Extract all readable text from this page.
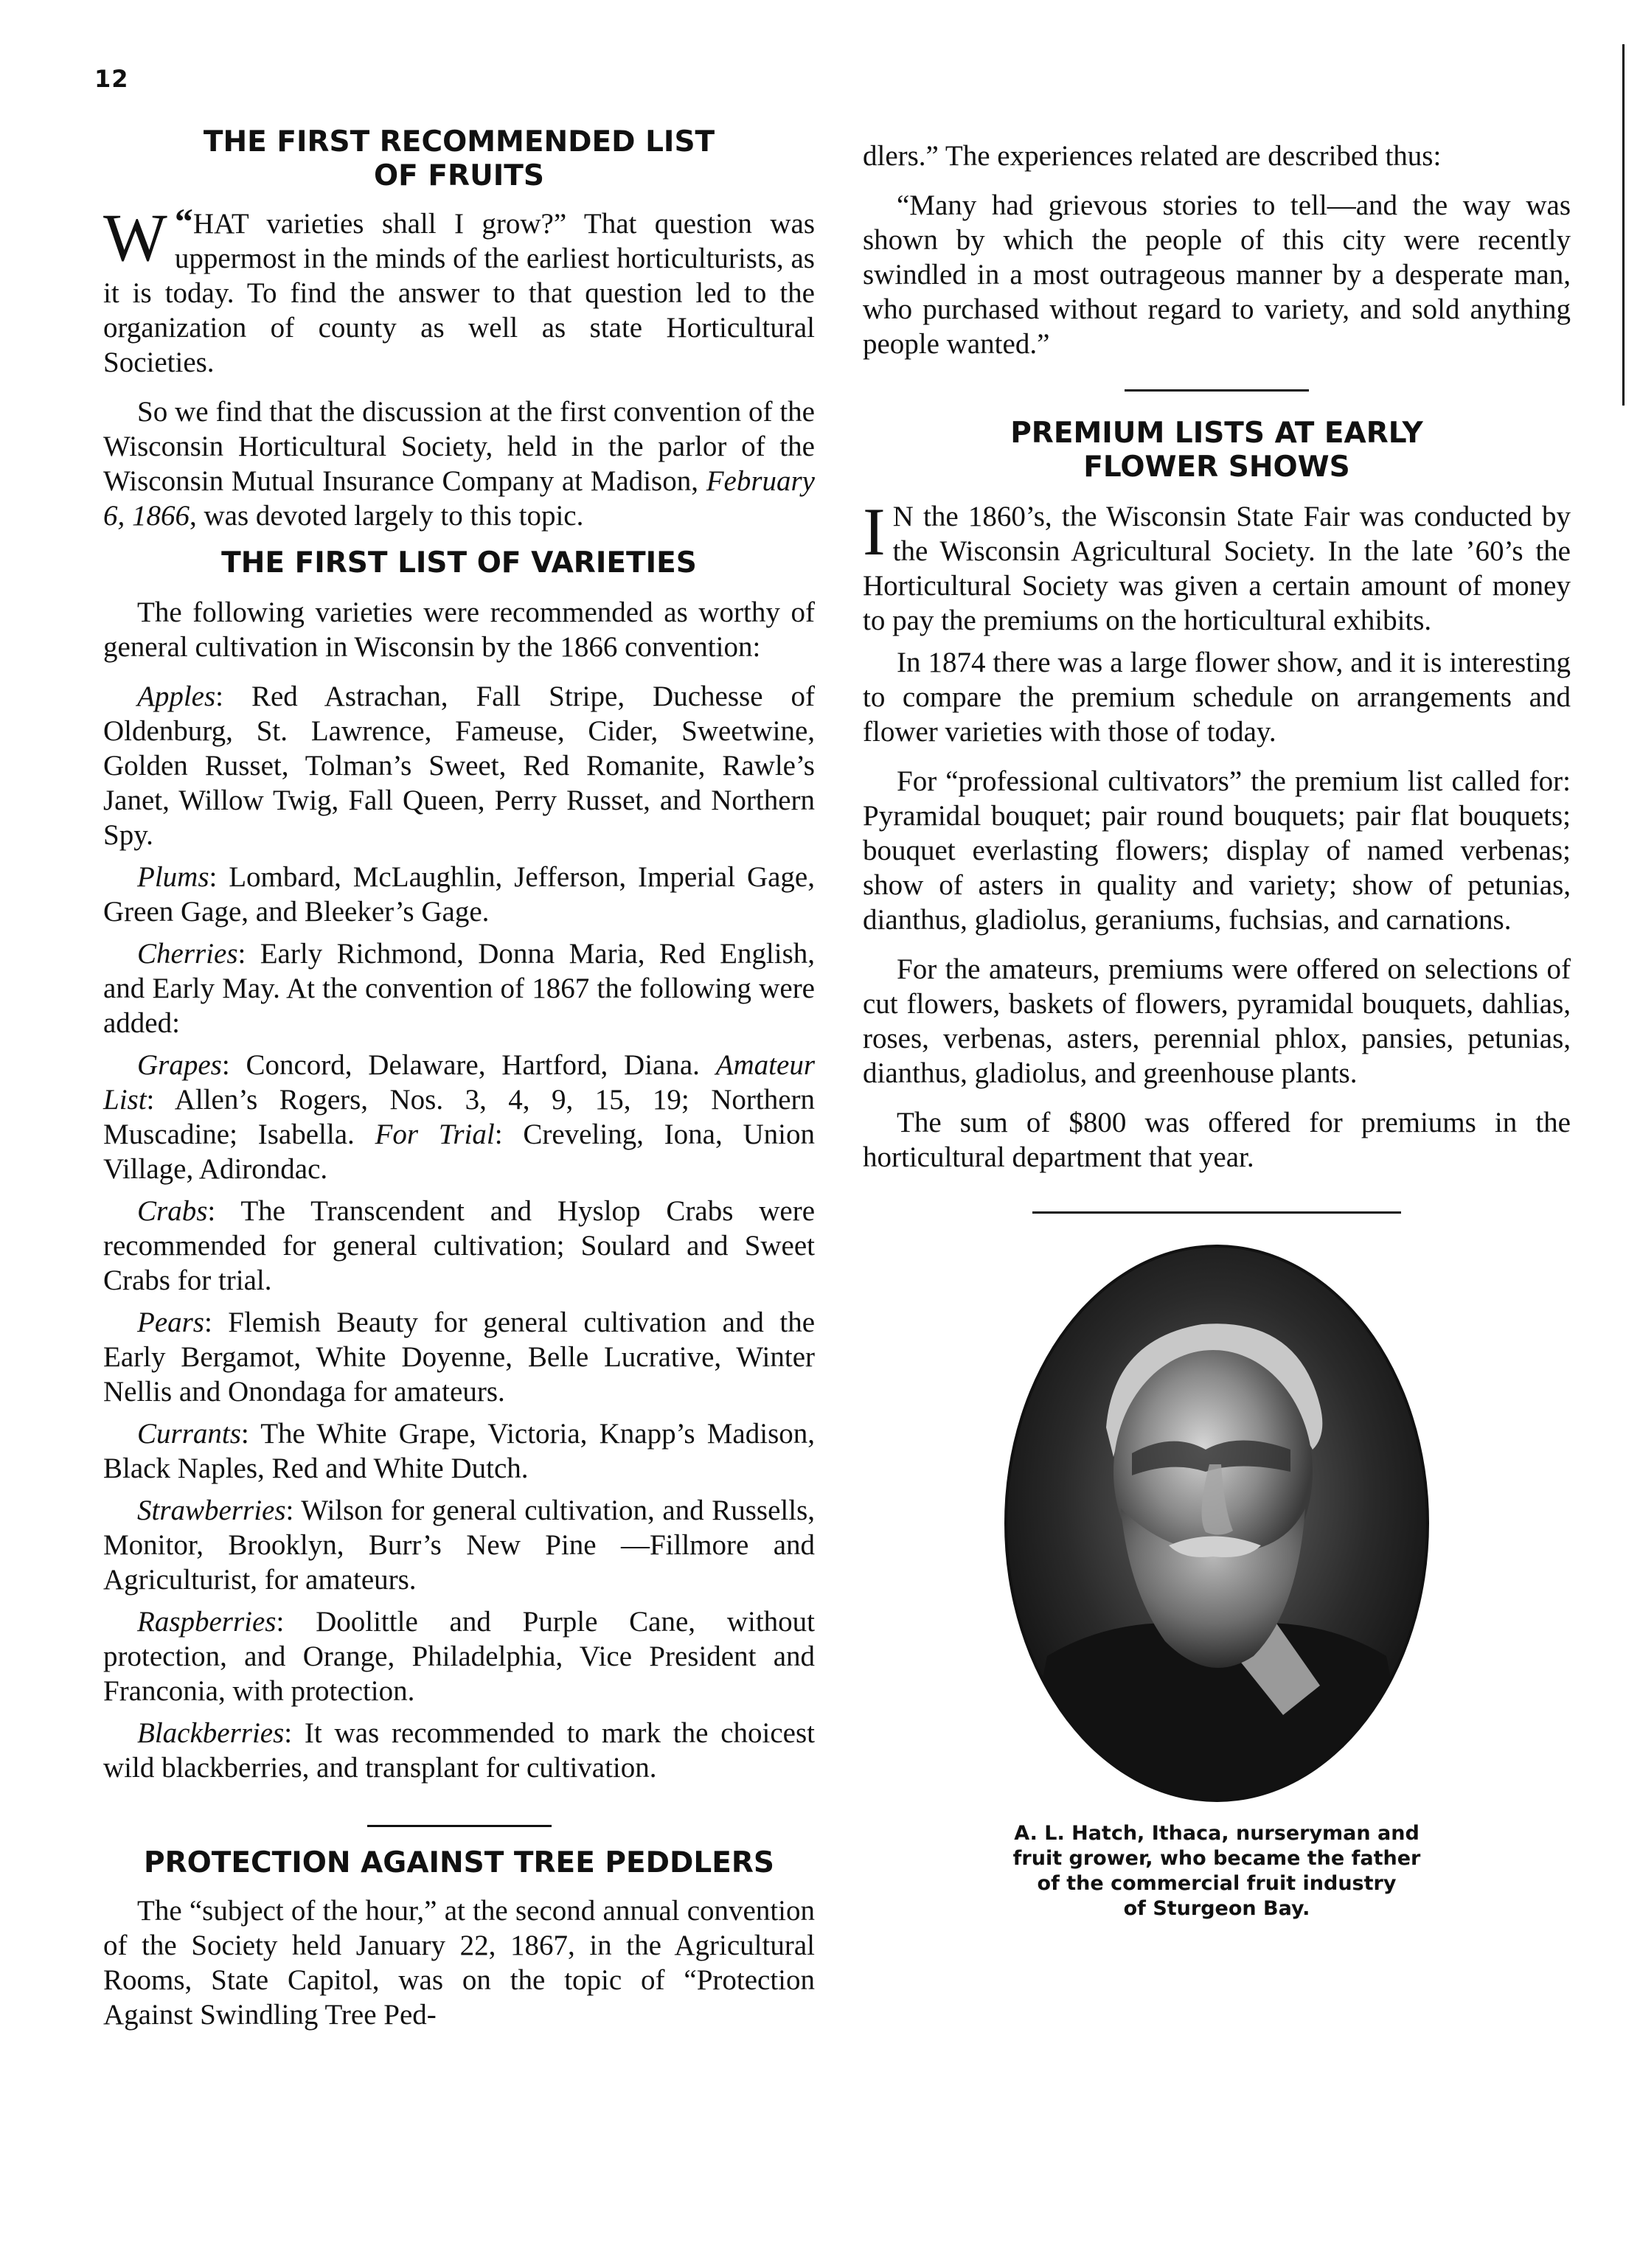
12
THE FIRST RECOMMENDED LIST
OF FRUITS

“
W HAT varieties shall I grow?” That question was uppermost in the minds of the earliest horticulturists, as it is today. To find the answer to that question led to the organization of county as well as state Horticultural Societies.

So we find that the discussion at the first convention of the Wisconsin Horticultural Society, held in the parlor of the Wisconsin Mutual Insurance Company at Madison, February 6, 1866, was devoted largely to this topic.

THE FIRST LIST OF VARIETIES

The following varieties were recommended as worthy of general cultivation in Wisconsin by the 1866 convention:

Apples: Red Astrachan, Fall Stripe, Duchesse of Oldenburg, St. Lawrence, Fameuse, Cider, Sweetwine, Golden Russet, Tolman’s Sweet, Red Romanite, Rawle’s Janet, Willow Twig, Fall Queen, Perry Russet, and Northern Spy.

Plums: Lombard, McLaughlin, Jefferson, Imperial Gage, Green Gage, and Bleeker’s Gage.

Cherries: Early Richmond, Donna Maria, Red English, and Early May. At the convention of 1867 the following were added:

Grapes: Concord, Delaware, Hartford, Diana. Amateur List: Allen’s Rogers, Nos. 3, 4, 9, 15, 19; Northern Muscadine; Isabella. For Trial: Creveling, Iona, Union Village, Adirondac.

Crabs: The Transcendent and Hyslop Crabs were recommended for general cultivation; Soulard and Sweet Crabs for trial.

Pears: Flemish Beauty for general cultivation and the Early Bergamot, White Doyenne, Belle Lucrative, Winter Nellis and Onondaga for amateurs.

Currants: The White Grape, Victoria, Knapp’s Madison, Black Naples, Red and White Dutch.

Strawberries: Wilson for general cultivation, and Russells, Monitor, Brooklyn, Burr’s New Pine —Fillmore and Agriculturist, for amateurs.

Raspberries: Doolittle and Purple Cane, without protection, and Orange, Philadelphia, Vice President and Franconia, with protection.

Blackberries: It was recommended to mark the choicest wild blackberries, and transplant for cultivation.

PROTECTION AGAINST TREE PEDDLERS

The “subject of the hour,” at the second annual convention of the Society held January 22, 1867, in the Agricultural Rooms, State Capitol, was on the topic of “Protection Against Swindling Tree Ped-

dlers.” The experiences related are described thus:

“Many had grievous stories to tell—and the way was shown by which the people of this city were recently swindled in a most outrageous manner by a desperate man, who purchased without regard to variety, and sold anything people wanted.”

PREMIUM LISTS AT EARLY
FLOWER SHOWS

I N the 1860’s, the Wisconsin State Fair was conducted by the Wisconsin Agricultural Society. In the late ’60’s the Horticultural Society was given a certain amount of money to pay the premiums on the horticultural exhibits.

In 1874 there was a large flower show, and it is interesting to compare the premium schedule on arrangements and flower varieties with those of today.

For “professional cultivators” the premium list called for: Pyramidal bouquet; pair round bouquets; pair flat bouquets; bouquet everlasting flowers; display of named verbenas; show of asters in quality and variety; show of petunias, dianthus, gladiolus, geraniums, fuchsias, and carnations.

For the amateurs, premiums were offered on selections of cut flowers, baskets of flowers, pyramidal bouquets, dahlias, roses, verbenas, asters, perennial phlox, pansies, petunias, dianthus, gladiolus, and greenhouse plants.

The sum of $800 was offered for premiums in the horticultural department that year.

A. L. Hatch, Ithaca, nurseryman and
fruit grower, who became the father
of the commercial fruit industry
of Sturgeon Bay.
